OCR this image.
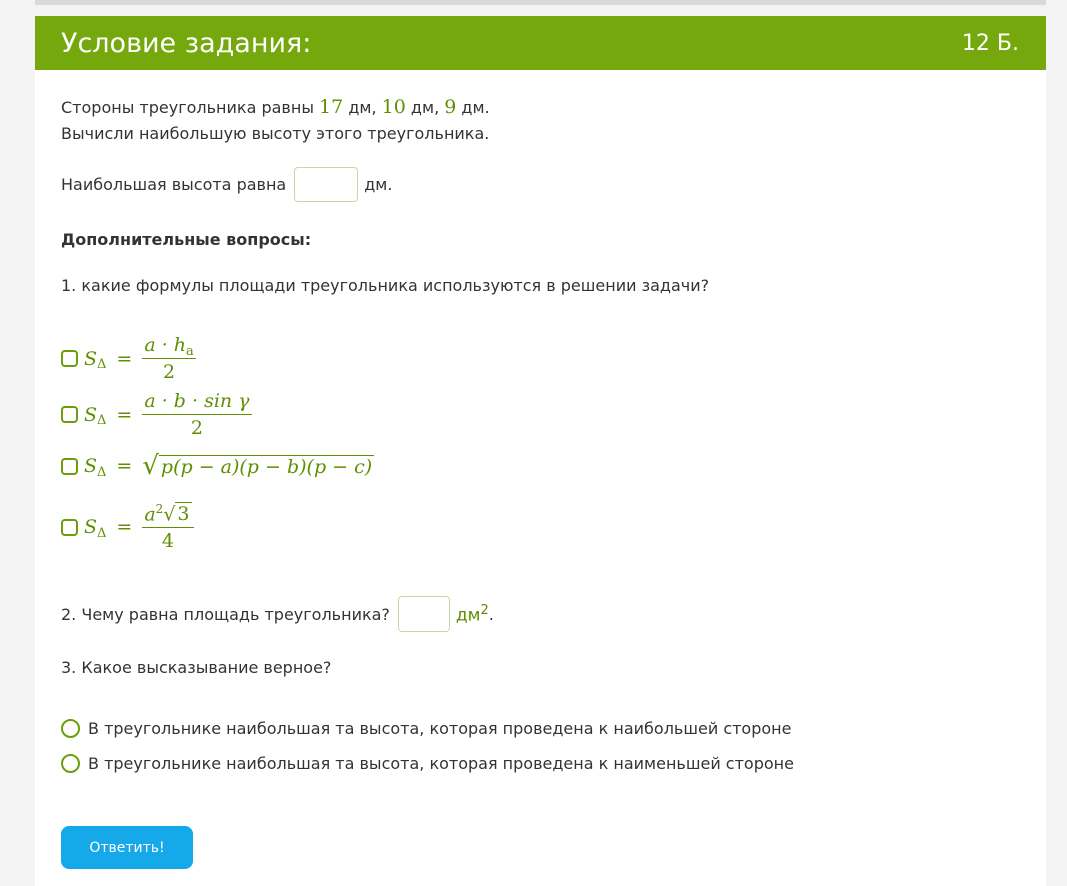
Условие задания:	12 Б.
Стороны треугольника равны 17 дм, 10 дм, 9 дм.
Вычисли наибольшую высоту этого треугольника.
Наибольшая высота равна	дм.
Дополнительные вопросы:
1. какие формулы площади треугольника используются в решении задачи?
S $\Delta = \frac{a \cdot h_a}{2}$
S $\Delta = \frac{\text{a · b · sin γ}}{2}$
S Δ = √ p(p − a)(p − b)(p − c)
S $\Delta = \frac{a^2√ 3}{4}$
2. Чему равна площадь треугольника?	$дм^2$ .
3. Какое высказывание верное?
В треугольнике наибольшая та высота, которая проведена к наибольшей стороне
В треугольнике наибольшая та высота, которая проведена к наименьшей стороне
Ответить!
